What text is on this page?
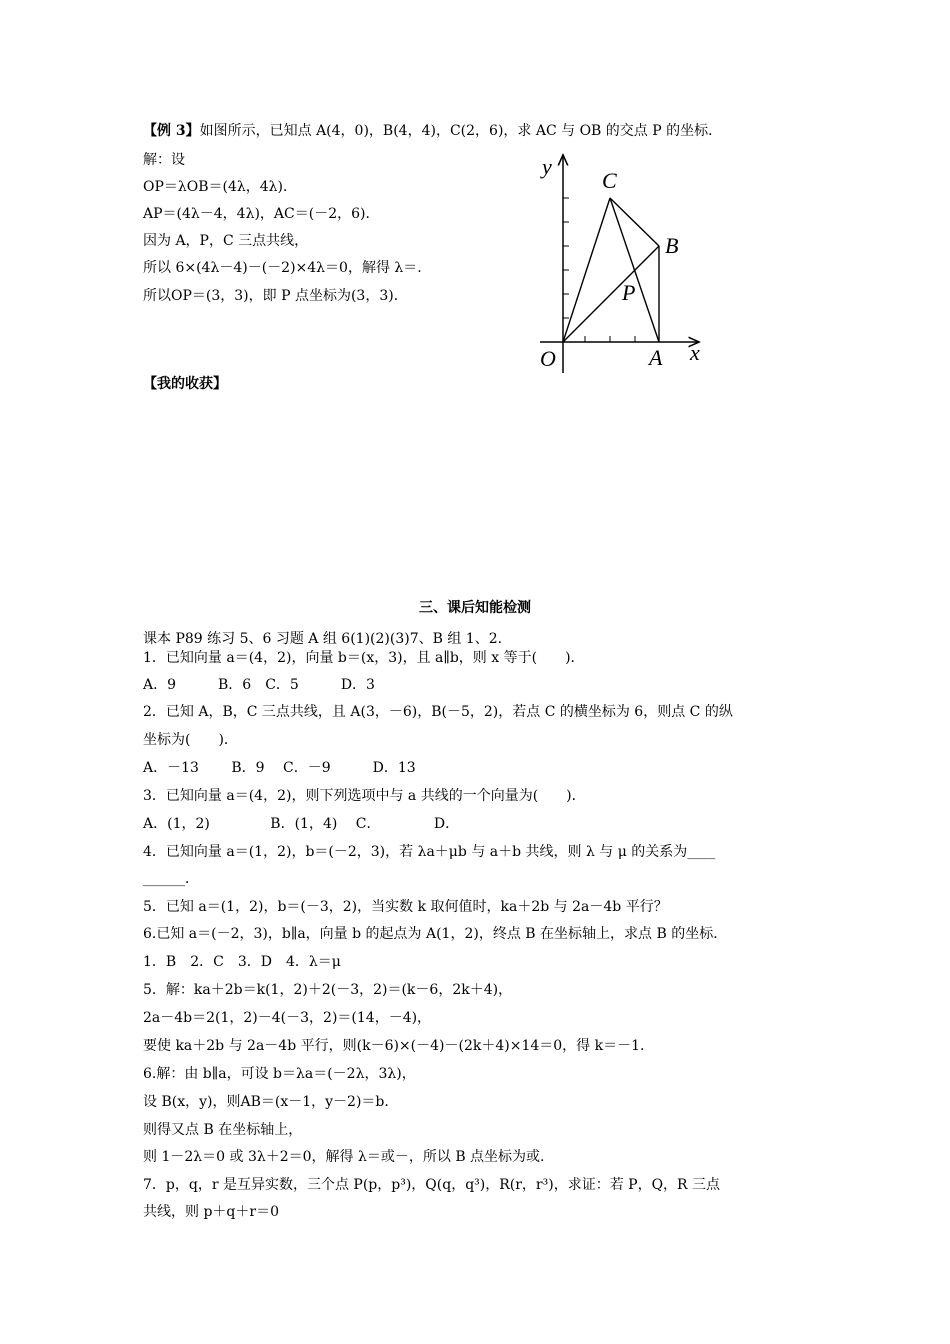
【例 3】如图所示，已知点 A(4，0)，B(4，4)，C(2，6)，求 AC 与 OB 的交点 P 的坐标．
解：设
OP＝λOB＝(4λ，4λ)．
AP＝(4λ－4，4λ)，AC＝(－2，6)．
因为 A，P，C 三点共线，
所以 6×(4λ－4)－(－2)×4λ＝0，解得 λ＝.
所以OP＝(3，3)，即 P 点坐标为(3，3)．
y
x
O	A
B
C
P
【我的收获】
三、课后知能检测
课本 P89 练习 5、6 习题 A 组 6(1)(2)(3)7、B 组 1、2.
1．已知向量 a＝(4，2)，向量 b＝(x，3)，且 a∥b，则 x 等于(　　)．
A．9　　　B．6　C．5　　　D．3
2．已知 A，B，C 三点共线，且 A(3，－6)，B(－5，2)，若点 C 的横坐标为 6，则点 C 的纵
坐标为(　　)．
A．－13　　 B．9　 C．－9　　　D．13
3．已知向量 a＝(4，2)，则下列选项中与 a 共线的一个向量为(　　)．
A．(1，2)　　　　 B．(1，4)　 C．　　　　 D．
4．已知向量 a＝(1，2)，b＝(－2，3)，若 λa＋μb 与 a＋b 共线，则 λ 与 μ 的关系为____
______．
5．已知 a＝(1，2)，b＝(－3，2)，当实数 k 取何值时，ka＋2b 与 2a－4b 平行？
6.已知 a＝(－2，3)，b∥a，向量 b 的起点为 A(1，2)，终点 B 在坐标轴上，求点 B 的坐标．
1．B　2．C　3．D　4．λ＝μ
5．解：ka＋2b＝k(1，2)＋2(－3，2)＝(k－6，2k＋4)，
2a－4b＝2(1，2)－4(－3，2)＝(14，－4)，
要使 ka＋2b 与 2a－4b 平行，则(k－6)×(－4)－(2k＋4)×14＝0，得 k＝－1.
6.解：由 b∥a，可设 b＝λa＝(－2λ，3λ)，
设 B(x，y)，则AB＝(x－1，y－2)＝b.
则得又点 B 在坐标轴上，
则 1－2λ＝0 或 3λ＋2＝0，解得 λ＝或－，所以 B 点坐标为或.
7．p，q，r 是互异实数，三个点 P(p，p³)，Q(q，q³)，R(r，r³)，求证：若 P，Q，R 三点
共线，则 p＋q＋r＝0
